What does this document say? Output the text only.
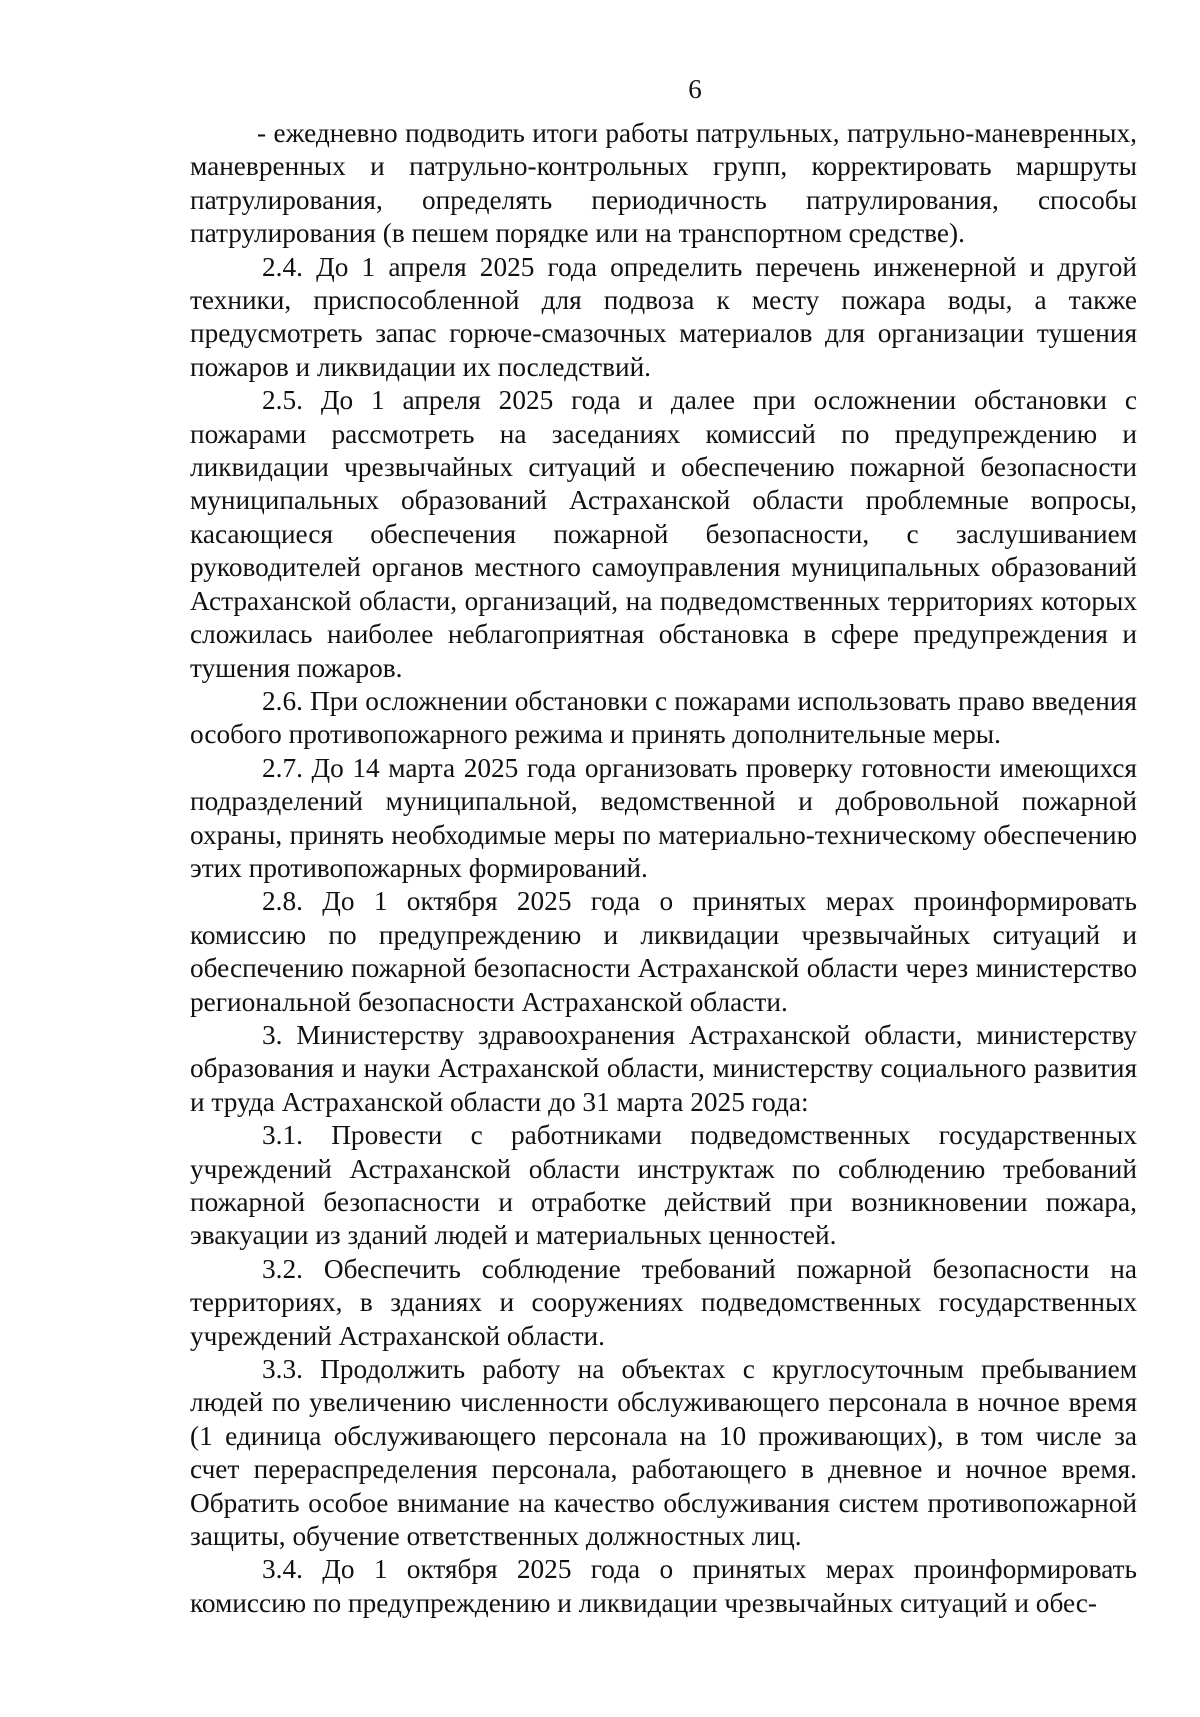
6

- ежедневно подводить итоги работы патрульных, патрульно-маневренных, маневренных и патрульно-контрольных групп, корректировать маршруты патрулирования, определять периодичность патрулирования, способы патрулирования (в пешем порядке или на транспортном средстве).

2.4. До 1 апреля 2025 года определить перечень инженерной и другой техники, приспособленной для подвоза к месту пожара воды, а также предусмотреть запас горюче-смазочных материалов для организации тушения пожаров и ликвидации их последствий.

2.5. До 1 апреля 2025 года и далее при осложнении обстановки с пожарами рассмотреть на заседаниях комиссий по предупреждению и ликвидации чрезвычайных ситуаций и обеспечению пожарной безопасности муниципальных образований Астраханской области проблемные вопросы, касающиеся обеспечения пожарной безопасности, с заслушиванием руководителей органов местного самоуправления муниципальных образований Астраханской области, организаций, на подведомственных территориях которых сложилась наиболее неблагоприятная обстановка в сфере предупреждения и тушения пожаров.

2.6. При осложнении обстановки с пожарами использовать право введения особого противопожарного режима и принять дополнительные меры.

2.7. До 14 марта 2025 года организовать проверку готовности имеющихся подразделений муниципальной, ведомственной и добровольной пожарной охраны, принять необходимые меры по материально-техническому обеспечению этих противопожарных формирований.

2.8. До 1 октября 2025 года о принятых мерах проинформировать комиссию по предупреждению и ликвидации чрезвычайных ситуаций и обеспечению пожарной безопасности Астраханской области через министерство региональной безопасности Астраханской области.

3. Министерству здравоохранения Астраханской области, министерству образования и науки Астраханской области, министерству социального развития и труда Астраханской области до 31 марта 2025 года:

3.1. Провести с работниками подведомственных государственных учреждений Астраханской области инструктаж по соблюдению требований пожарной безопасности и отработке действий при возникновении пожара, эвакуации из зданий людей и материальных ценностей.

3.2. Обеспечить соблюдение требований пожарной безопасности на территориях, в зданиях и сооружениях подведомственных государственных учреждений Астраханской области.

3.3. Продолжить работу на объектах с круглосуточным пребыванием людей по увеличению численности обслуживающего персонала в ночное время (1 единица обслуживающего персонала на 10 проживающих), в том числе за счет перераспределения персонала, работающего в дневное и ночное время. Обратить особое внимание на качество обслуживания систем противопожарной защиты, обучение ответственных должностных лиц.

3.4. До 1 октября 2025 года о принятых мерах проинформировать комиссию по предупреждению и ликвидации чрезвычайных ситуаций и обес-
